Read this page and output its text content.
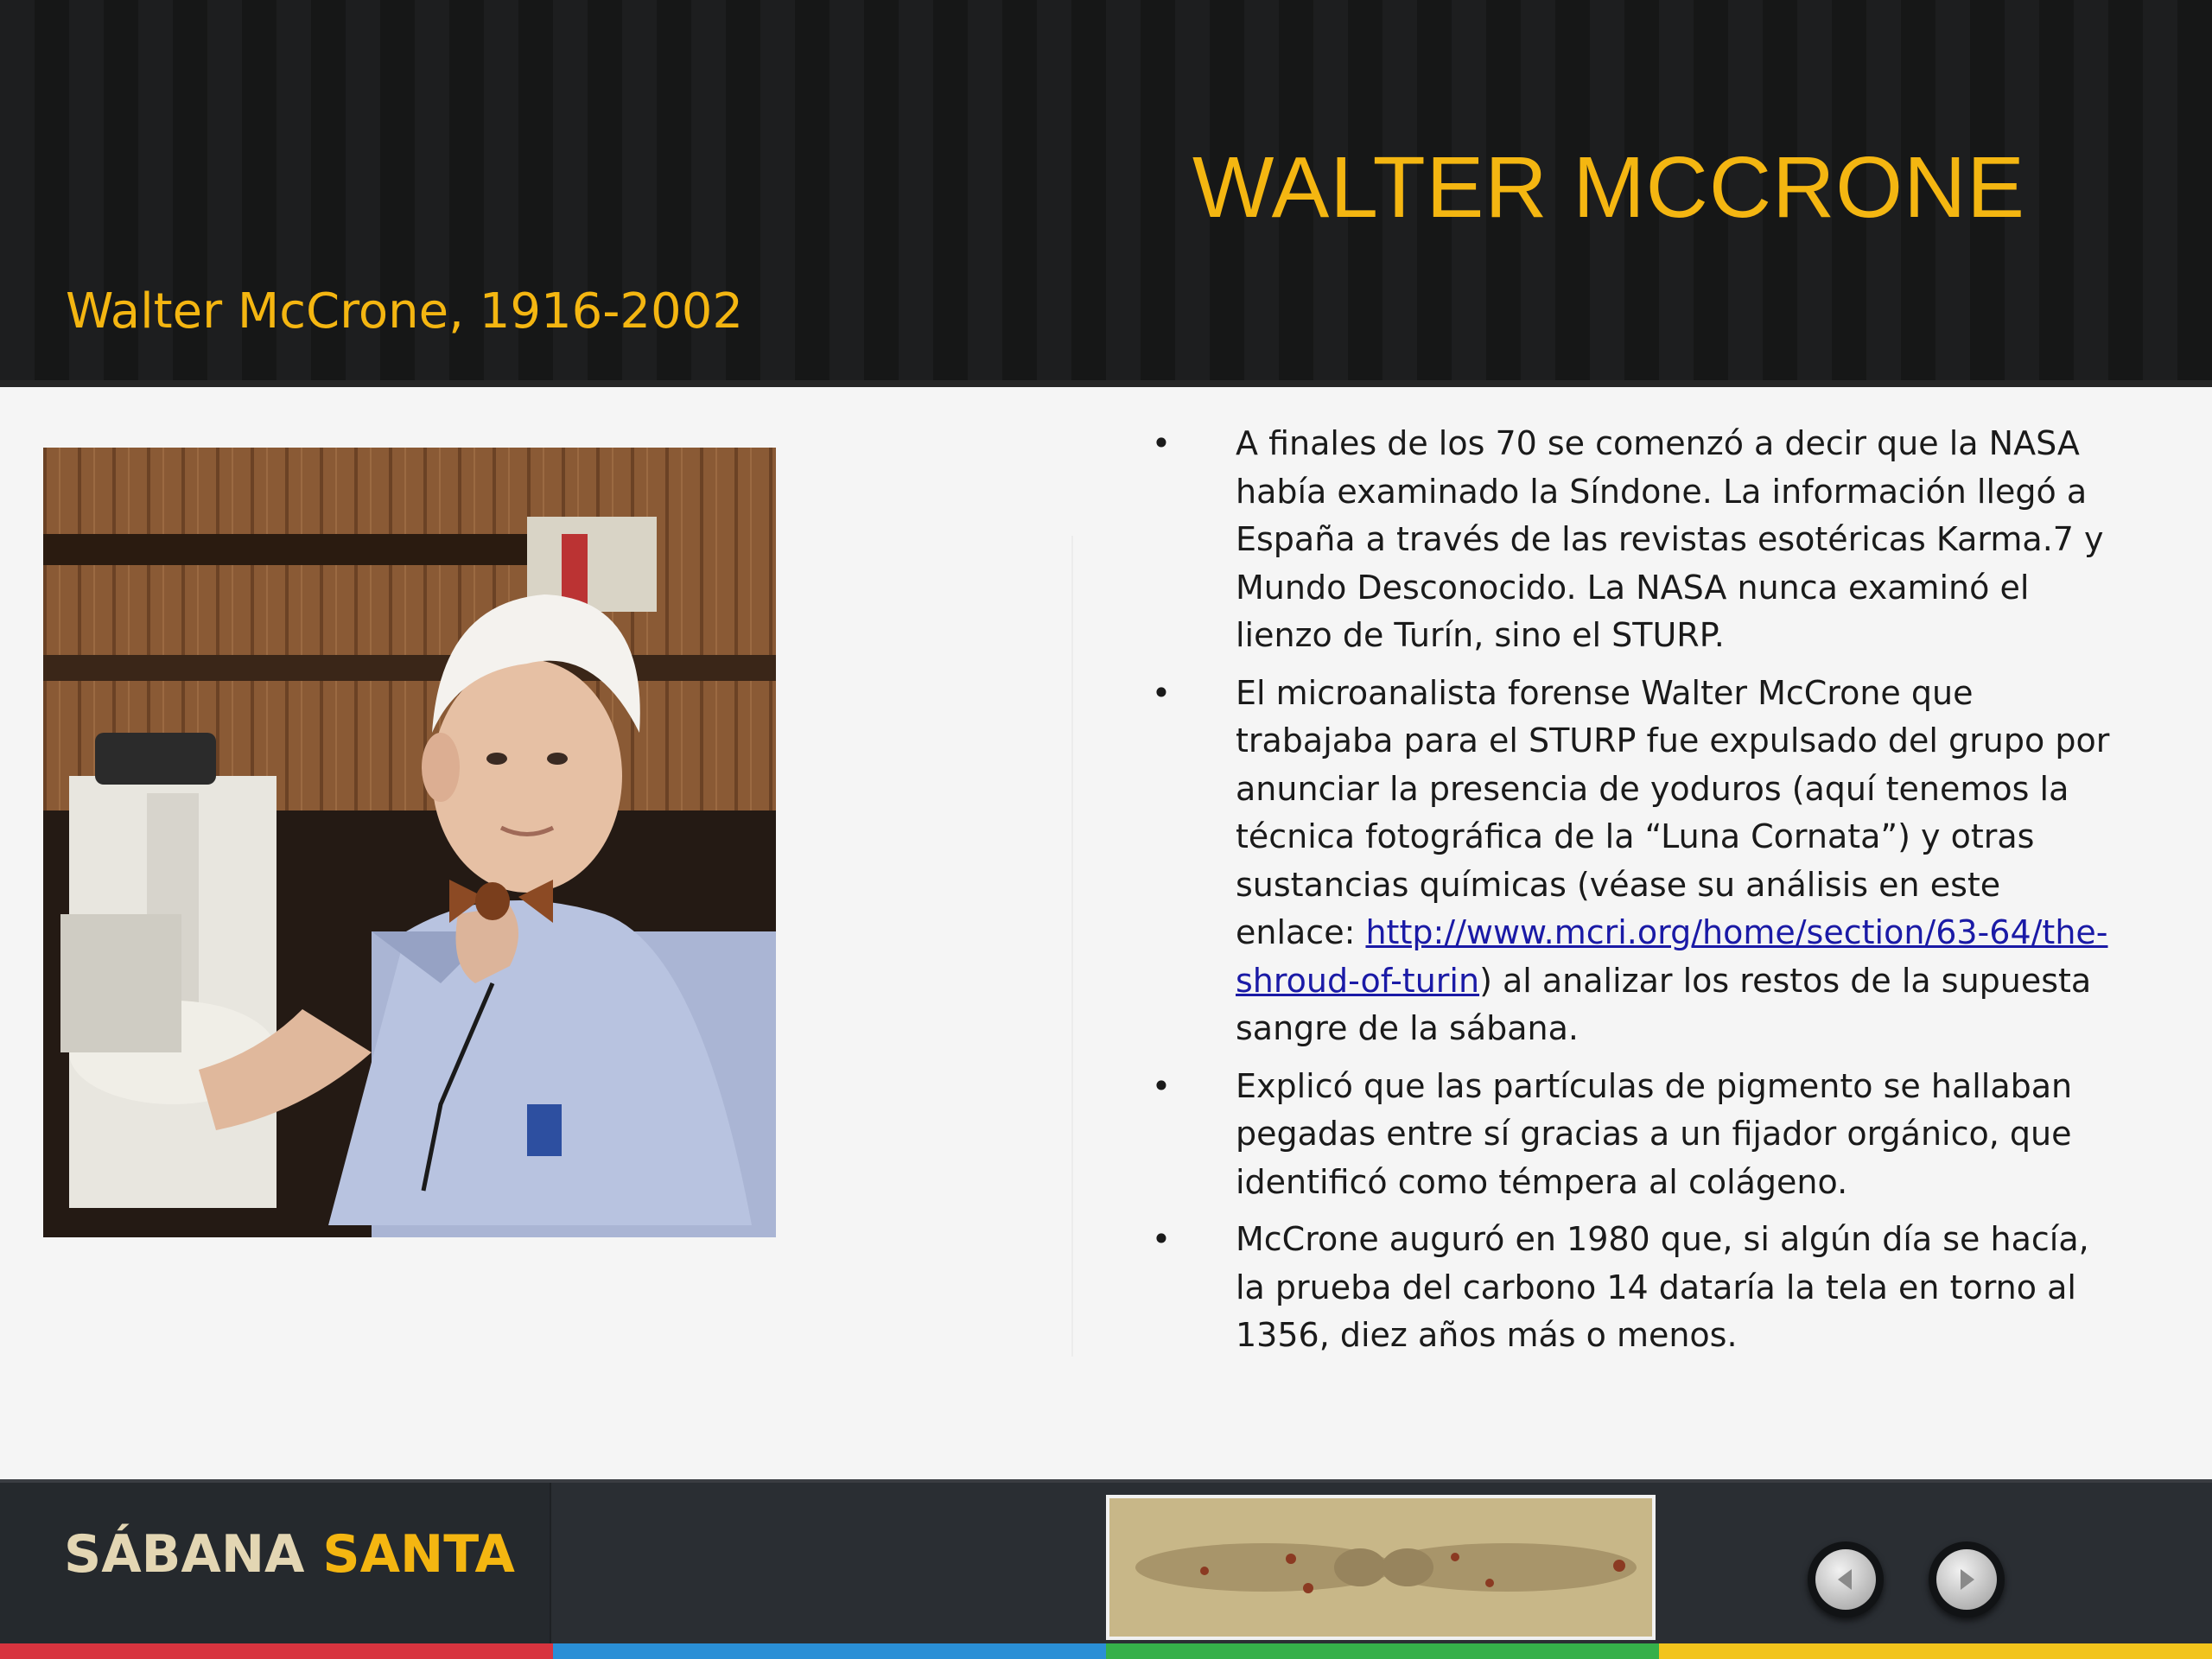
WALTER MCCRONE
Walter McCrone, 1916-2002
• A finales de los 70 se comenzó a decir que la NASA había examinado la Síndone. La información llegó a España a través de las revistas esotéricas Karma.7 y Mundo Desconocido. La NASA nunca examinó el lienzo de Turín, sino el STURP.
• El microanalista forense Walter McCrone que trabajaba para el STURP fue expulsado del grupo por anunciar la presencia de yoduros (aquí tenemos la técnica fotográfica de la “Luna Cornata”) y otras sustancias químicas (véase su análisis en este enlace: http://www.mcri.org/home/section/63-64/the-shroud-of-turin) al analizar los restos de la supuesta sangre de la sábana.
• Explicó que las partículas de pigmento se hallaban pegadas entre sí gracias a un fijador orgánico, que identificó como témpera al colágeno.
• McCrone auguró en 1980 que, si algún día se hacía, la prueba del carbono 14 dataría la tela en torno al 1356, diez años más o menos.
SÁBANA SANTA
